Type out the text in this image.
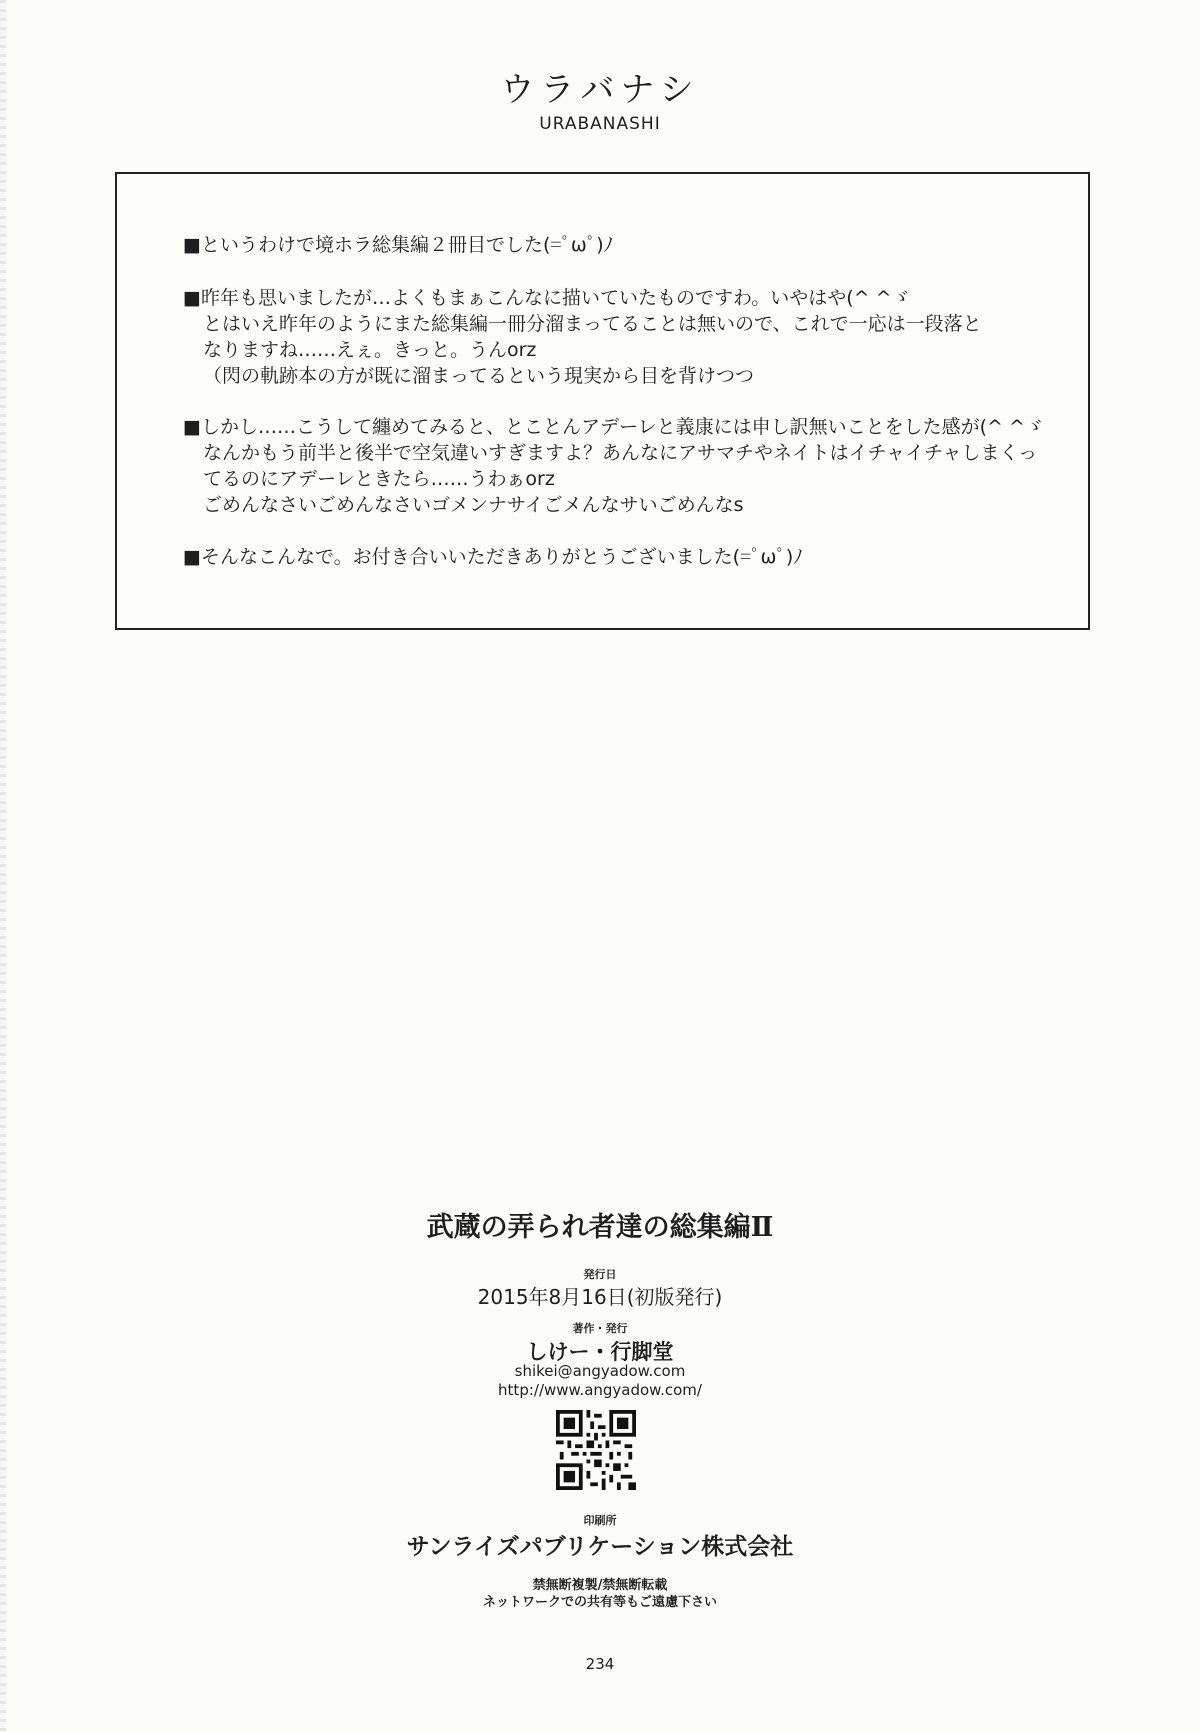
ウラバナシ
URABANASHI
■というわけで境ホラ総集編２冊目でした(=ﾟωﾟ)ﾉ
■昨年も思いましたが…よくもまぁこんなに描いていたものですわ。いやはや(^ ^ゞ
とはいえ昨年のようにまた総集編一冊分溜まってることは無いので、これで一応は一段落と
なりますね……えぇ。きっと。うんorz
（閃の軌跡本の方が既に溜まってるという現実から目を背けつつ
■しかし……こうして纏めてみると、とことんアデーレと義康には申し訳無いことをした感が(^ ^ゞ
なんかもう前半と後半で空気違いすぎますよ？あんなにアサマチやネイトはイチャイチャしまくっ
てるのにアデーレときたら……うわぁorz
ごめんなさいごめんなさいゴメンナサイごメんなサいごめんなs
■そんなこんなで。お付き合いいただきありがとうございました(=ﾟωﾟ)ﾉ
武蔵の弄られ者達の総集編Ⅱ
発行日
2015年8月16日(初版発行)
著作・発行
しけー・行脚堂
shikei@angyadow.com
http://www.angyadow.com/
印刷所
サンライズパブリケーション株式会社
禁無断複製/禁無断転載
ネットワークでの共有等もご遠慮下さい
234
